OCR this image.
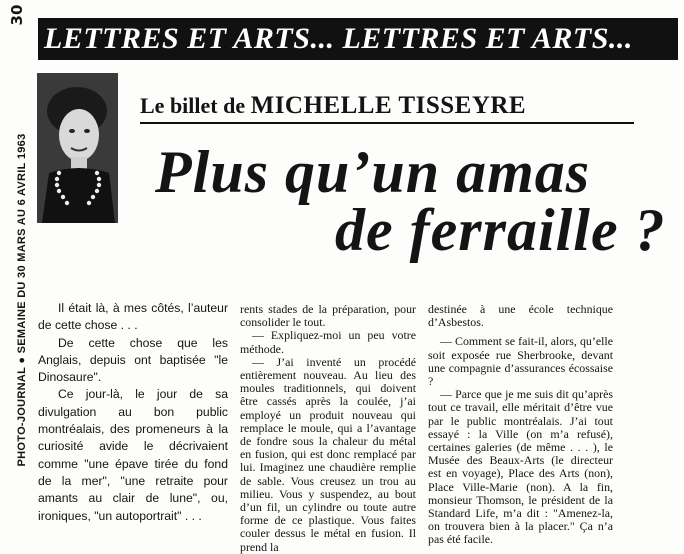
30
LETTRES ET ARTS... LETTRES ET ARTS...
PHOTO-JOURNAL ● SEMAINE DU 30 MARS AU 6 AVRIL 1963
Le billet de MICHELLE TISSEYRE
Plus qu’un amas
de ferraille ?

Il était là, à mes côtés, l’auteur de cette chose . . .

De cette chose que les Anglais, depuis ont baptisée "le Dinosaure".

Ce jour-là, le jour de sa divulgation au bon public montréalais, des promeneurs à la curiosité avide le décrivaient comme "une épave tirée du fond de la mer", "une retraite pour amants au clair de lune", ou, ironiques, "un autoportrait" . . .

rents stades de la préparation, pour consolider le tout.

— Expliquez-moi un peu votre méthode.

— J’ai inventé un procédé entièrement nouveau. Au lieu des moules traditionnels, qui doivent être cassés après la coulée, j’ai employé un produit nouveau qui remplace le moule, qui a l’avantage de fondre sous la chaleur du métal en fusion, qui est donc remplacé par lui. Imaginez une chaudière remplie de sable. Vous creusez un trou au milieu. Vous y suspendez, au bout d’un fil, un cylindre ou toute autre forme de ce plastique. Vous faites couler dessus le métal en fusion. Il prend la

destinée à une école technique d’Asbestos.

— Comment se fait-il, alors, qu’elle soit exposée rue Sherbrooke, devant une compagnie d’assurances écossaise ?

— Parce que je me suis dit qu’après tout ce travail, elle méritait d’être vue par le public montréalais. J’ai tout essayé : la Ville (on m’a refusé), certaines galeries (de même . . . ), le Musée des Beaux-Arts (le directeur est en voyage), Place des Arts (non), Place Ville-Marie (non). A la fin, monsieur Thomson, le président de la Standard Life, m’a dit : "Amenez-la, on trouvera bien à la placer." Ça n’a pas été facile.
